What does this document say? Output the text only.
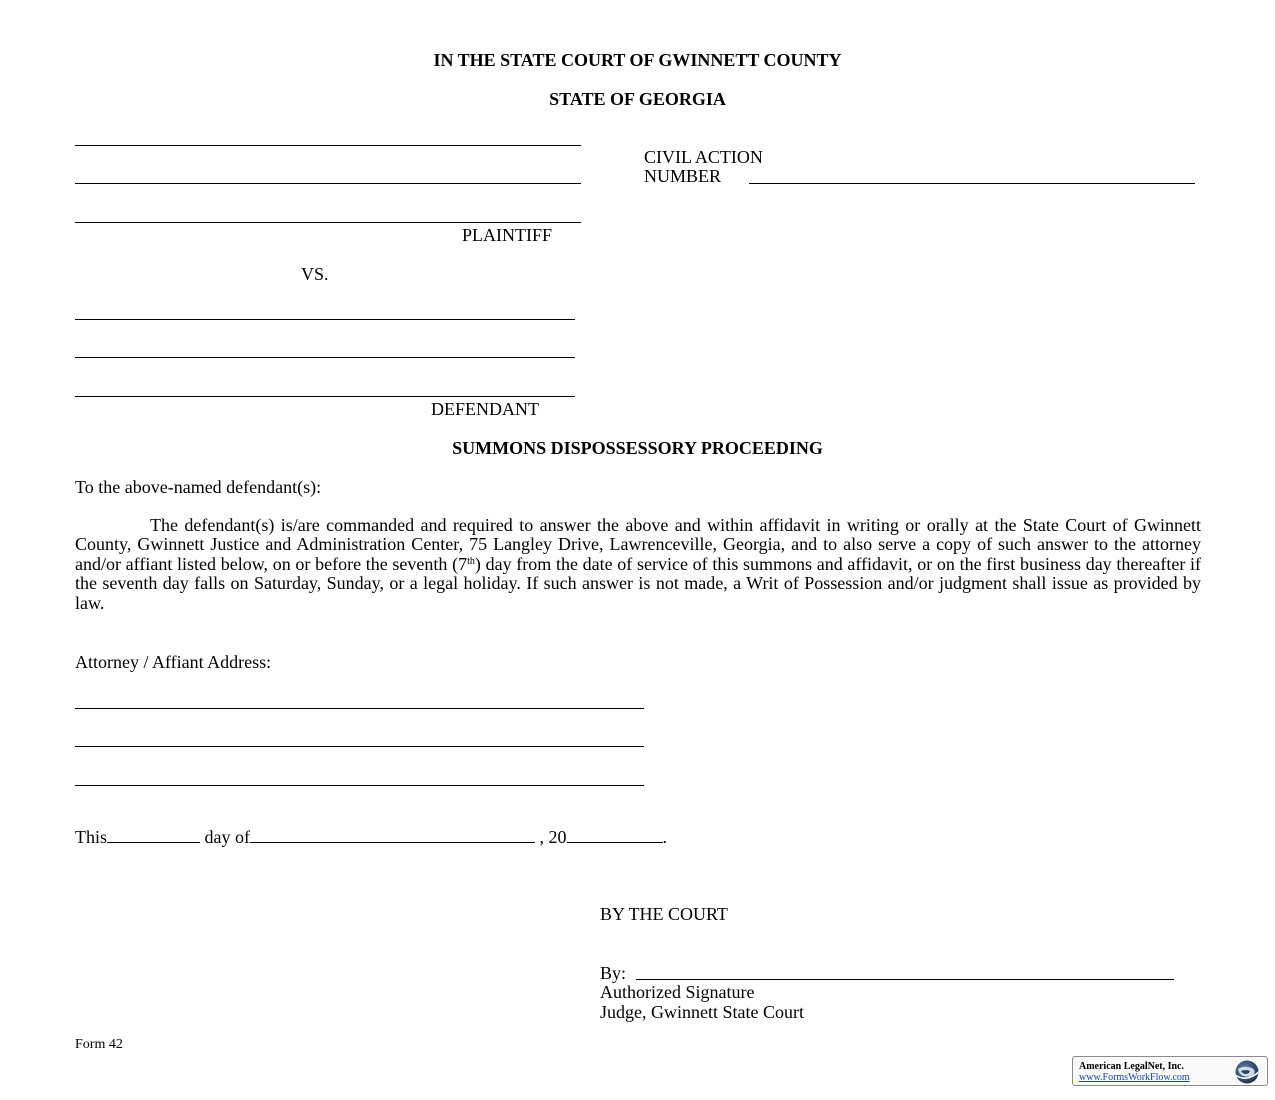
IN THE STATE COURT OF GWINNETT COUNTY
STATE OF GEORGIA
CIVIL ACTION
NUMBER
PLAINTIFF
VS.
DEFENDANT
SUMMONS DISPOSSESSORY PROCEEDING
To the above-named defendant(s):
The defendant(s) is/are commanded and required to answer the above and within affidavit in writing or orally at the State Court of Gwinnett County, Gwinnett Justice and Administration Center, 75 Langley Drive, Lawrenceville, Georgia, and to also serve a copy of such answer to the attorney and/or affiant listed below, on or before the seventh (7th) day from the date of service of this summons and affidavit, or on the first business day thereafter if the seventh day falls on Saturday, Sunday, or a legal holiday. If such answer is not made, a Writ of Possession and/or judgment shall issue as provided by law.
Attorney / Affiant Address:
This	day of	, 20	.
BY THE COURT
By:
Authorized Signature
Judge, Gwinnett State Court
Form 42
American LegalNet, Inc.
www.FormsWorkFlow.com
